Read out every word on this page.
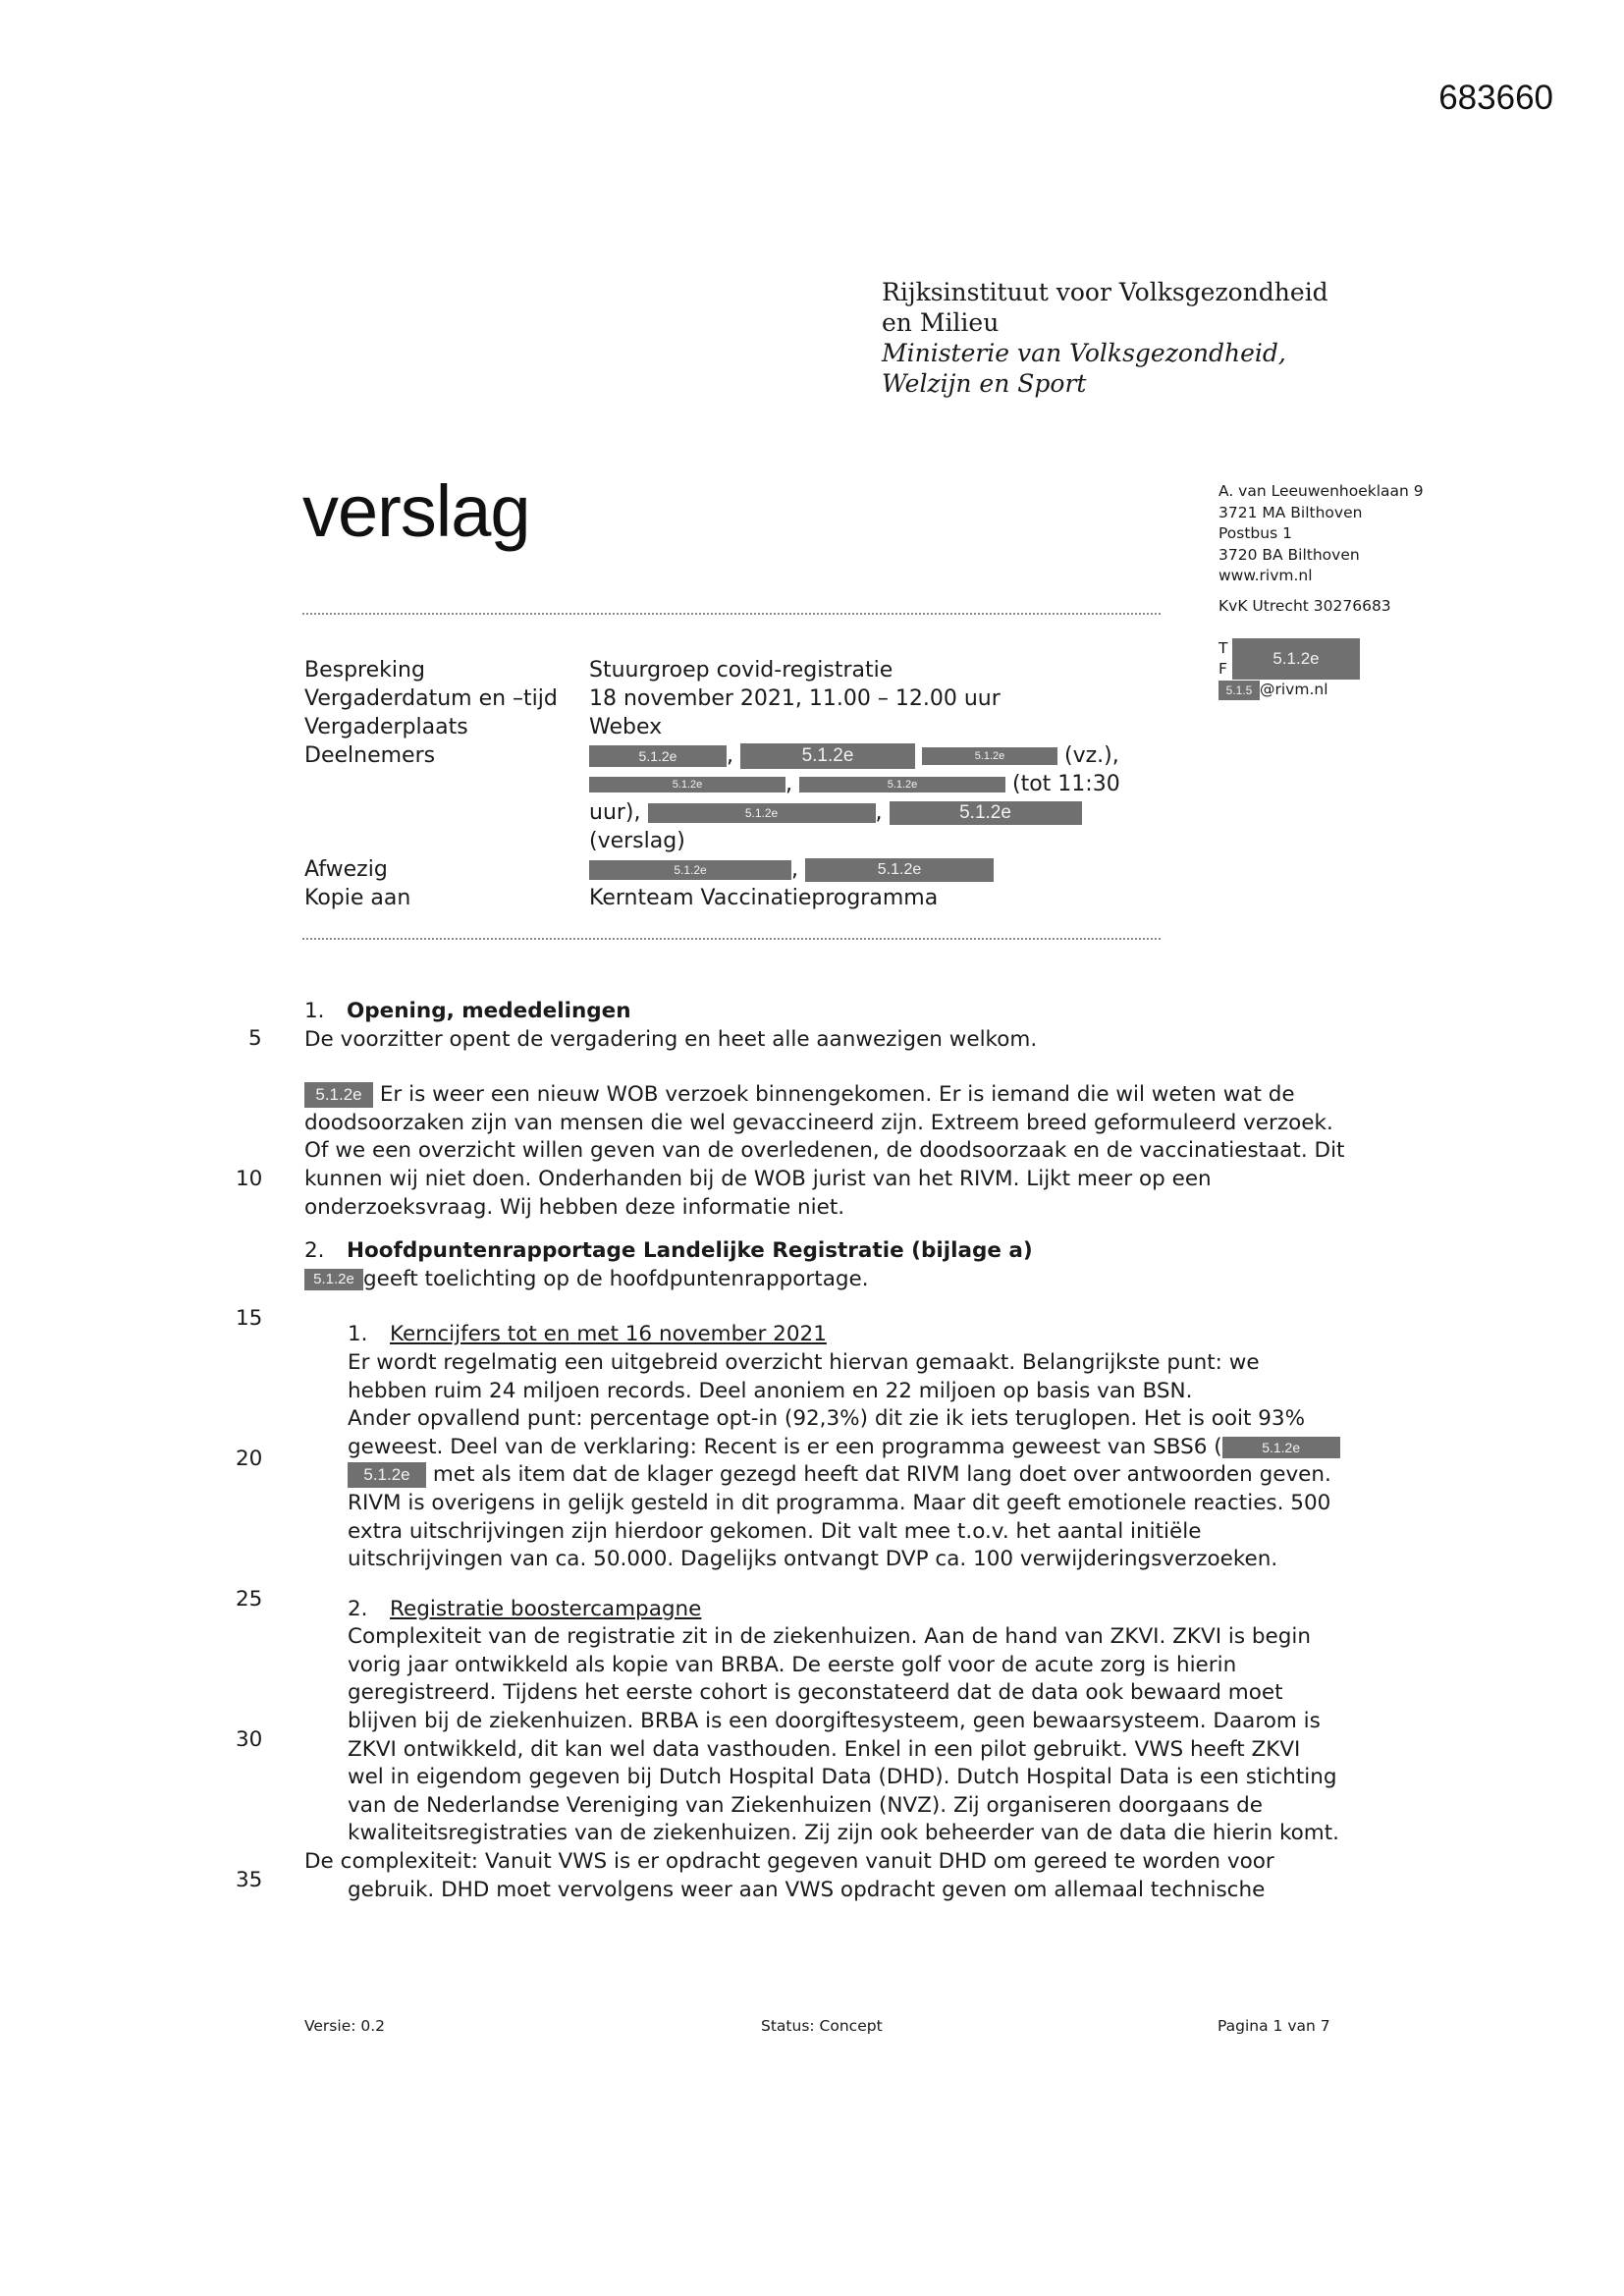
683660
Rijksinstituut voor Volksgezondheid
en Milieu
Ministerie van Volksgezondheid,
Welzijn en Sport
verslag	A. van Leeuwenhoeklaan 9
3721 MA Bilthoven
Postbus 1
3720 BA Bilthoven
www.rivm.nl
KvK Utrecht 30276683
T
F
5.1.5 @rivm.nl
5.1.2e
Bespreking	Stuurgroep covid-registratie
Vergaderdatum en –tijd	18 november 2021, 11.00 – 12.00 uur
Vergaderplaats	Webex
Deelnemers	5.1.2e ,	5.1.2e	5.1.2e	(vz.),
5.1.2e	,	5.1.2e	(tot 11:30
uur),	5.1.2e	,	5.1.2e
(verslag)
Afwezig	5.1.2e	,	5.1.2e
Kopie aan	Kernteam Vaccinatieprogramma
5
10
15
20
25
30
35

1. Opening, mededelingen

De voorzitter opent de vergadering en heet alle aanwezigen welkom.

5.1.2e Er is weer een nieuw WOB verzoek binnengekomen. Er is iemand die wil weten wat de

doodsoorzaken zijn van mensen die wel gevaccineerd zijn. Extreem breed geformuleerd verzoek.

Of we een overzicht willen geven van de overledenen, de doodsoorzaak en de vaccinatiestaat. Dit

kunnen wij niet doen. Onderhanden bij de WOB jurist van het RIVM. Lijkt meer op een

onderzoeksvraag. Wij hebben deze informatie niet.

2. Hoofdpuntenrapportage Landelijke Registratie (bijlage a)

5.1.2e geeft toelichting op de hoofdpuntenrapportage.

1. Kerncijfers tot en met 16 november 2021

Er wordt regelmatig een uitgebreid overzicht hiervan gemaakt. Belangrijkste punt: we

hebben ruim 24 miljoen records. Deel anoniem en 22 miljoen op basis van BSN.

Ander opvallend punt: percentage opt-in (92,3%) dit zie ik iets teruglopen. Het is ooit 93%

geweest. Deel van de verklaring: Recent is er een programma geweest van SBS6 (	5.1.2e

5.1.2e met als item dat de klager gezegd heeft dat RIVM lang doet over antwoorden geven.

RIVM is overigens in gelijk gesteld in dit programma. Maar dit geeft emotionele reacties. 500

extra uitschrijvingen zijn hierdoor gekomen. Dit valt mee t.o.v. het aantal initiële

uitschrijvingen van ca. 50.000. Dagelijks ontvangt DVP ca. 100 verwijderingsverzoeken.

2. Registratie boostercampagne

Complexiteit van de registratie zit in de ziekenhuizen. Aan de hand van ZKVI. ZKVI is begin

vorig jaar ontwikkeld als kopie van BRBA. De eerste golf voor de acute zorg is hierin

geregistreerd. Tijdens het eerste cohort is geconstateerd dat de data ook bewaard moet

blijven bij de ziekenhuizen. BRBA is een doorgiftesysteem, geen bewaarsysteem. Daarom is

ZKVI ontwikkeld, dit kan wel data vasthouden. Enkel in een pilot gebruikt. VWS heeft ZKVI

wel in eigendom gegeven bij Dutch Hospital Data (DHD). Dutch Hospital Data is een stichting

van de Nederlandse Vereniging van Ziekenhuizen (NVZ). Zij organiseren doorgaans de

kwaliteitsregistraties van de ziekenhuizen. Zij zijn ook beheerder van de data die hierin komt.

De complexiteit: Vanuit VWS is er opdracht gegeven vanuit DHD om gereed te worden voor

gebruik. DHD moet vervolgens weer aan VWS opdracht geven om allemaal technische

Versie: 0.2	Status: Concept	Pagina 1 van 7
